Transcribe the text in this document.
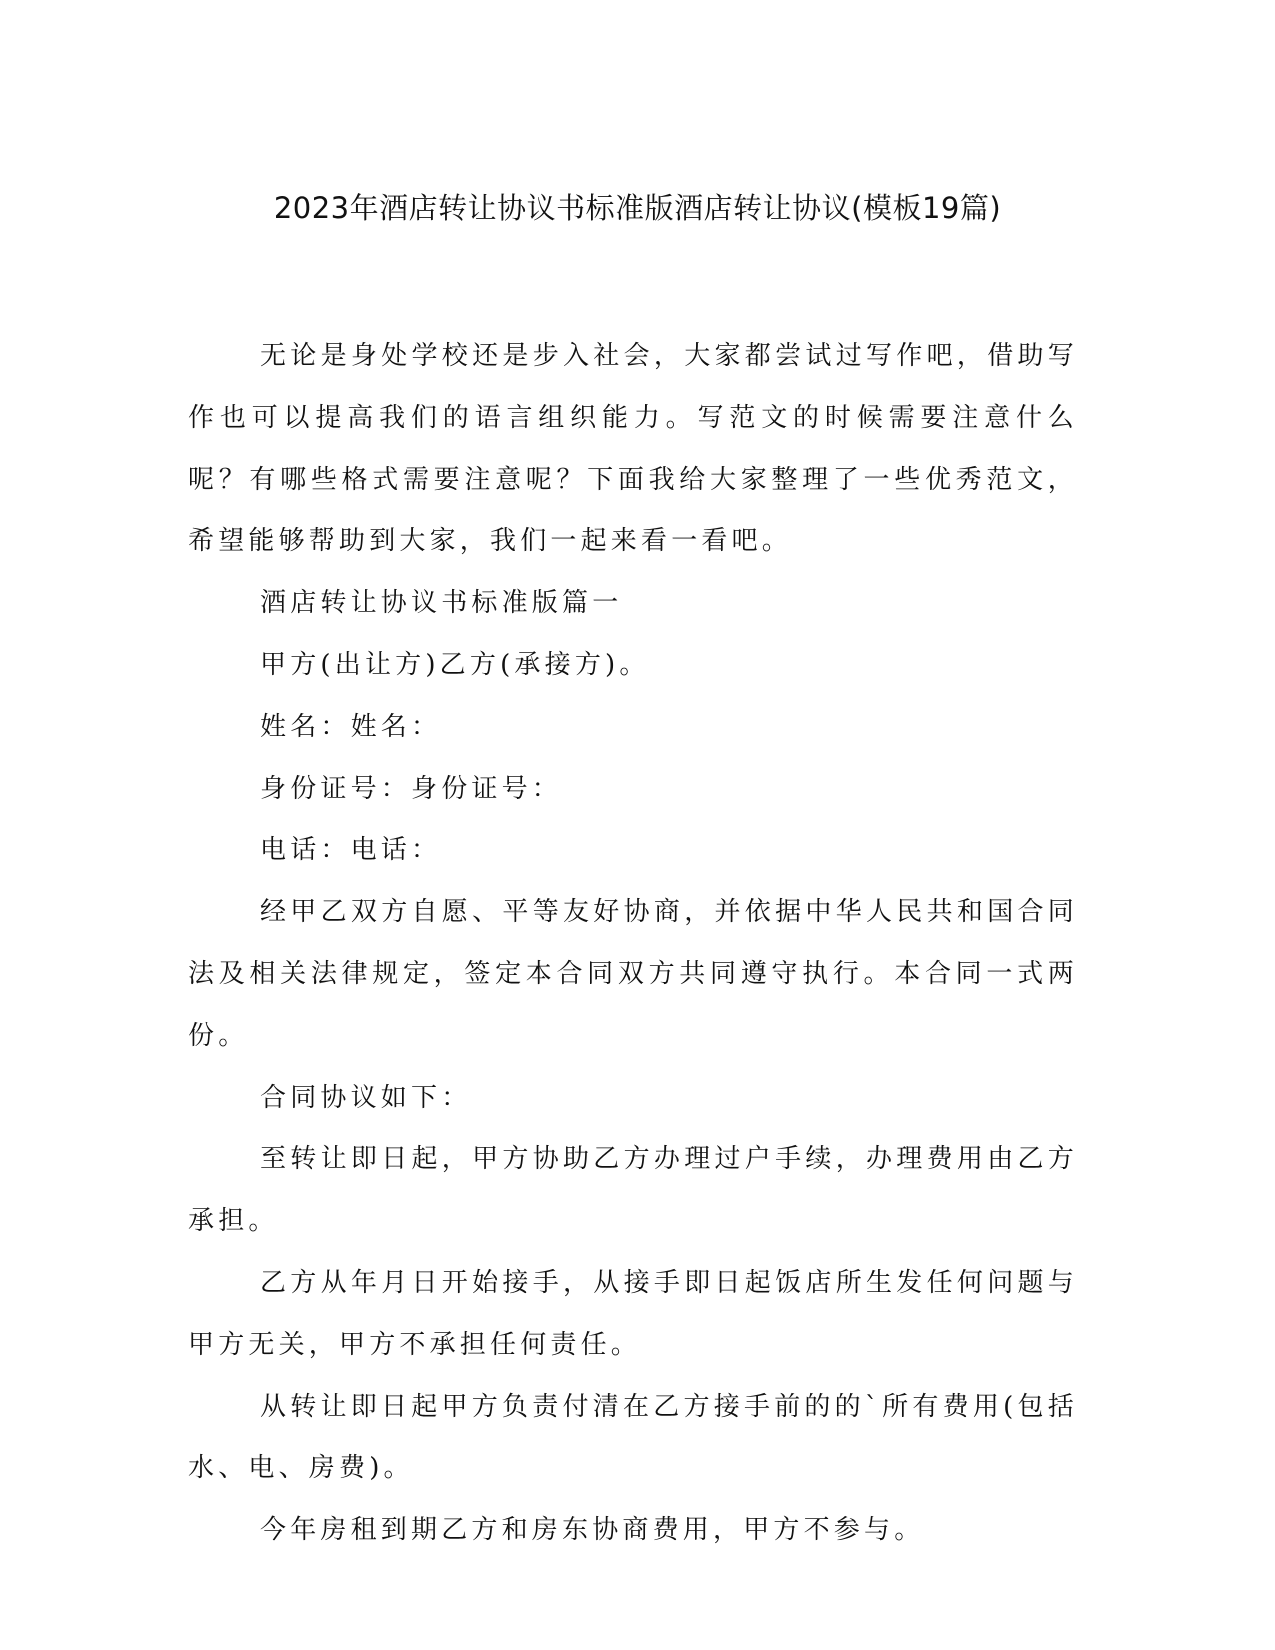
2023年酒店转让协议书标准版酒店转让协议(模板19篇)

无论是身处学校还是步入社会，大家都尝试过写作吧，借助写作也可以提高我们的语言组织能力。写范文的时候需要注意什么呢？有哪些格式需要注意呢？下面我给大家整理了一些优秀范文，希望能够帮助到大家，我们一起来看一看吧。

酒店转让协议书标准版篇一

甲方(出让方)乙方(承接方)。

姓名：姓名：

身份证号：身份证号：

电话：电话：

经甲乙双方自愿、平等友好协商，并依据中华人民共和国合同法及相关法律规定，签定本合同双方共同遵守执行。本合同一式两份。

合同协议如下：

至转让即日起，甲方协助乙方办理过户手续，办理费用由乙方承担。

乙方从年月日开始接手，从接手即日起饭店所生发任何问题与甲方无关，甲方不承担任何责任。

从转让即日起甲方负责付清在乙方接手前的的`所有费用(包括水、电、房费)。

今年房租到期乙方和房东协商费用，甲方不参与。
